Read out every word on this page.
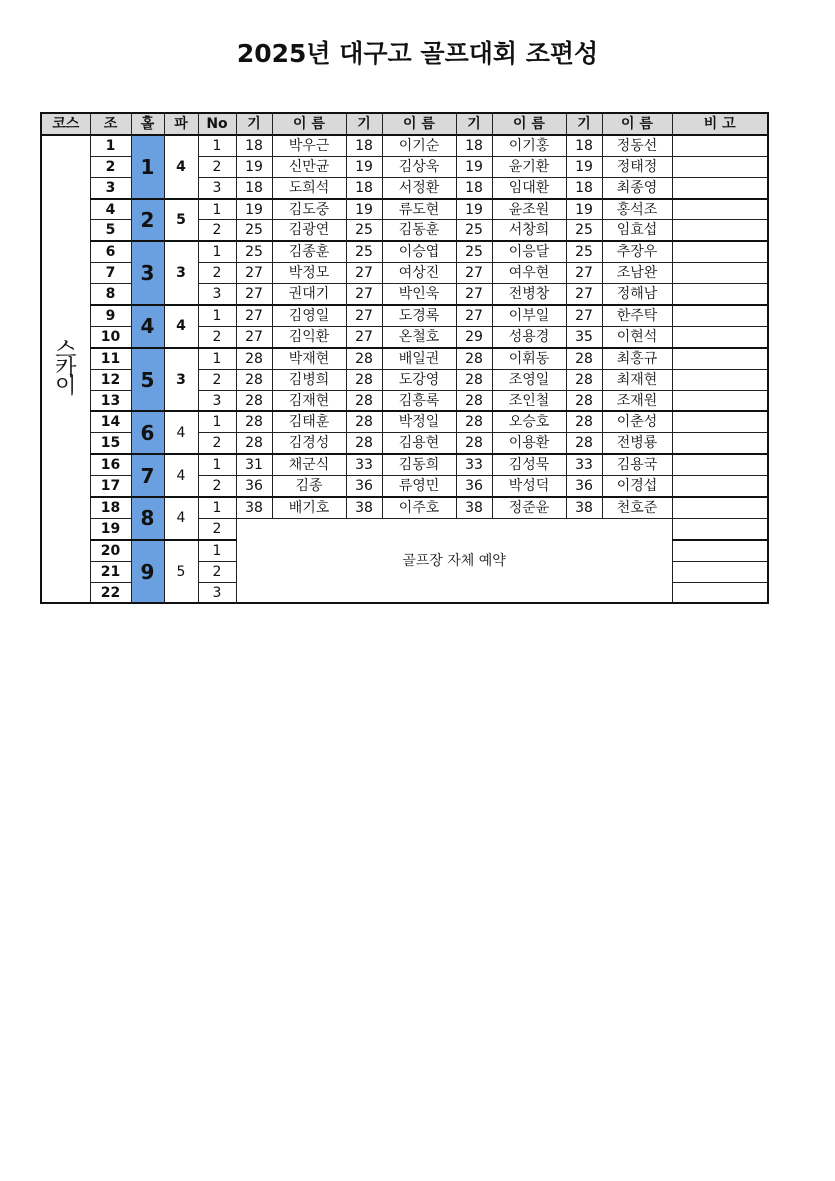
2025년 대구고 골프대회 조편성
코스	조	홀	파	No	기	이 름	기	이 름	기	이 름	기	이 름	비 고

스
카
이	1	1	4	1	18	박우근	18	이기순	18	이기홍	18	정동선	
	2			2	19	신만균	19	김상욱	19	윤기환	19	정태정	
	3			3	18	도희석	18	서정환	18	임대환	18	최종영	
	4	2	5	1	19	김도중	19	류도현	19	윤조원	19	홍석조	
	5			2	25	김광연	25	김동훈	25	서창희	25	임효섭	
	6	3	3	1	25	김종훈	25	이승엽	25	이응달	25	추장우	
	7			2	27	박정모	27	여상진	27	여우현	27	조남완	
	8			3	27	권대기	27	박인욱	27	전병창	27	정해남	
	9	4	4	1	27	김영일	27	도경록	27	이부일	27	한주탁	
	10			2	27	김익환	27	온철호	29	성용경	35	이현석	
	11	5	3	1	28	박재현	28	배일권	28	이휘동	28	최홍규	
	12			2	28	김병희	28	도강영	28	조영일	28	최재현	
	13			3	28	김재현	28	김흥록	28	조인철	28	조재원	
	14	6	4	1	28	김태훈	28	박정일	28	오승호	28	이춘성	
	15			2	28	김경성	28	김용현	28	이용환	28	전병룡	
	16	7	4	1	31	채군식	33	김동희	33	김성묵	33	김용국	
	17			2	36	김종	36	류영민	36	박성덕	36	이경섭	
	18	8	4	1	38	배기호	38	이주호	38	정준윤	38	천호준	
	19			2	골프장 자체 예약								
	20	9	5	1									
	21			2									
	22			3									
